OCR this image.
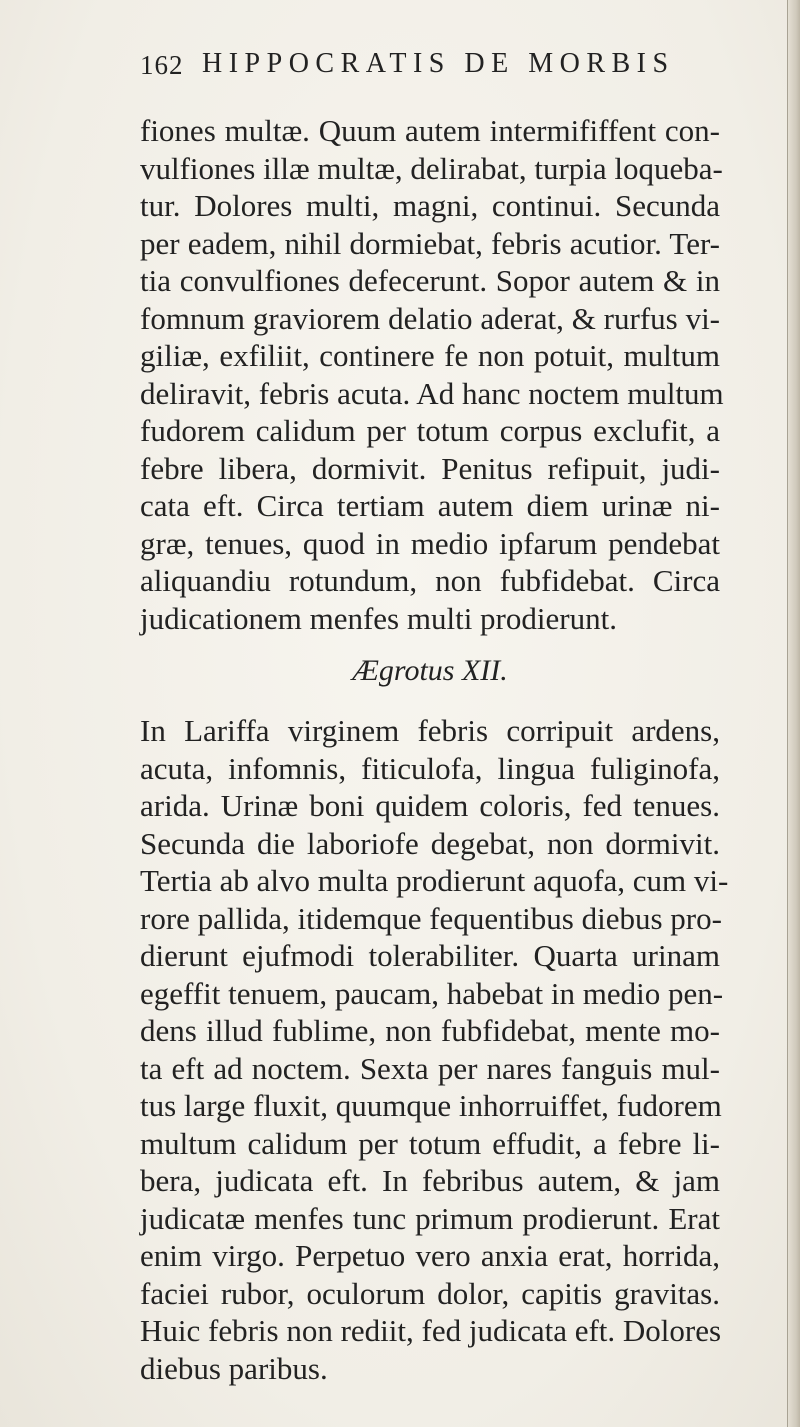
162 HIPPOCRATIS DE MORBIS
fiones multæ. Quum autem intermififfent con-
vulfiones illæ multæ, delirabat, turpia loqueba-
tur. Dolores multi, magni, continui. Secunda
per eadem, nihil dormiebat, febris acutior. Ter-
tia convulfiones defecerunt. Sopor autem & in
fomnum graviorem delatio aderat, & rurfus vi-
giliæ, exfiliit, continere fe non potuit, multum
deliravit, febris acuta. Ad hanc noctem multum
fudorem calidum per totum corpus exclufit, a
febre libera, dormivit. Penitus refipuit, judi-
cata eft. Circa tertiam autem diem urinæ ni-
græ, tenues, quod in medio ipfarum pendebat
aliquandiu rotundum, non fubfidebat. Circa
judicationem menfes multi prodierunt.
Ægrotus XII.
In Lariffa virginem febris corripuit ardens,
acuta, infomnis, fiticulofa, lingua fuliginofa,
arida. Urinæ boni quidem coloris, fed tenues.
Secunda die laboriofe degebat, non dormivit.
Tertia ab alvo multa prodierunt aquofa, cum vi-
rore pallida, itidemque fequentibus diebus pro-
dierunt ejufmodi tolerabiliter. Quarta urinam
egeffit tenuem, paucam, habebat in medio pen-
dens illud fublime, non fubfidebat, mente mo-
ta eft ad noctem. Sexta per nares fanguis mul-
tus large fluxit, quumque inhorruiffet, fudorem
multum calidum per totum effudit, a febre li-
bera, judicata eft. In febribus autem, & jam
judicatæ menfes tunc primum prodierunt. Erat
enim virgo. Perpetuo vero anxia erat, horrida,
faciei rubor, oculorum dolor, capitis gravitas.
Huic febris non rediit, fed judicata eft. Dolores
diebus paribus.
